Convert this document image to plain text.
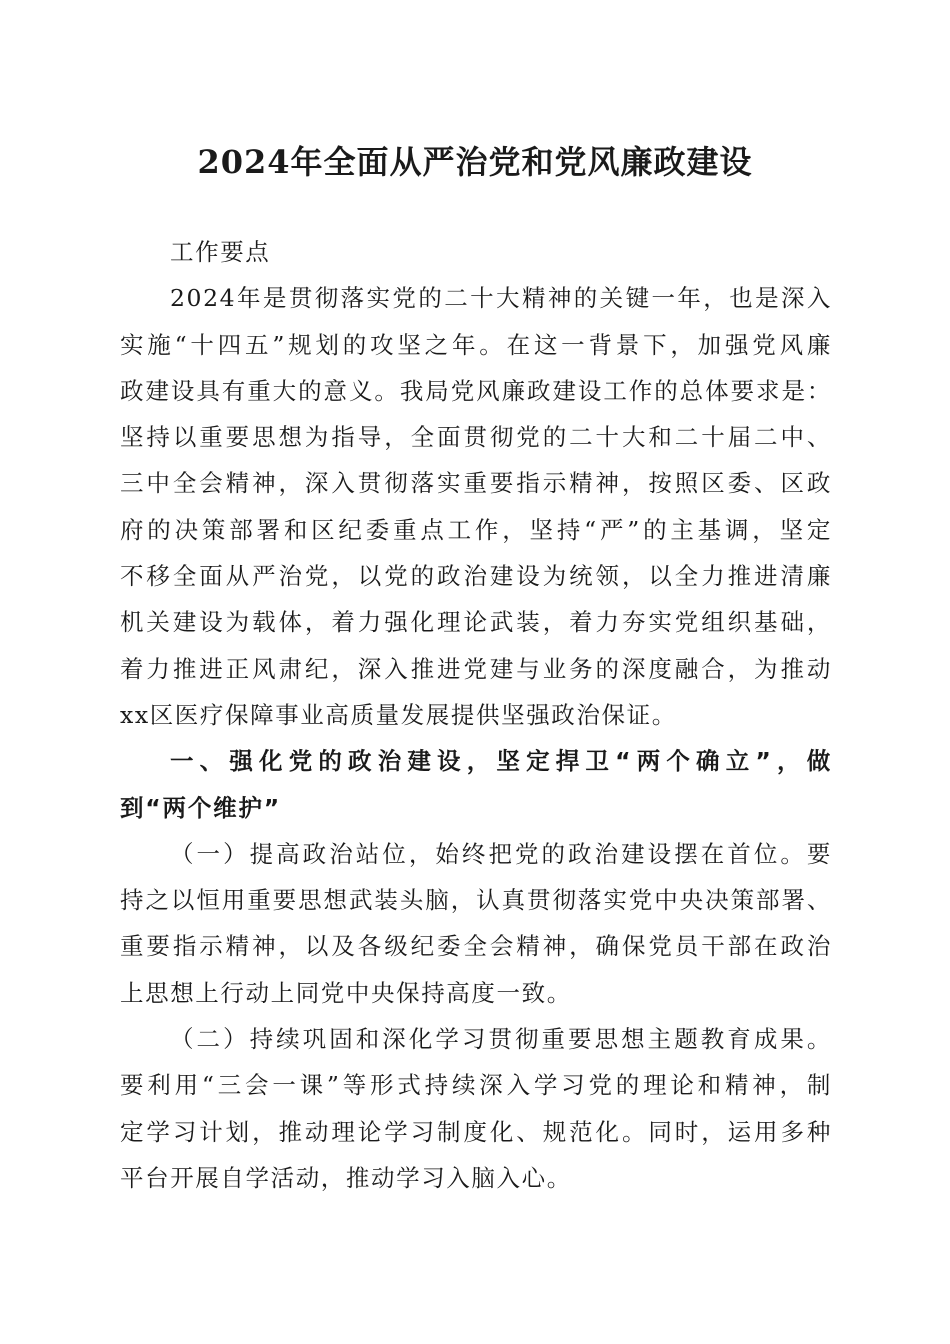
2024年全面从严治党和党风廉政建设
工作要点
2024年是贯彻落实党的二十大精神的关键一年，也是深入
实施“十四五”规划的攻坚之年。在这一背景下，加强党风廉
政建设具有重大的意义。我局党风廉政建设工作的总体要求是：
坚持以重要思想为指导，全面贯彻党的二十大和二十届二中、
三中全会精神，深入贯彻落实重要指示精神，按照区委、区政
府的决策部署和区纪委重点工作，坚持“严”的主基调，坚定
不移全面从严治党，以党的政治建设为统领，以全力推进清廉
机关建设为载体，着力强化理论武装，着力夯实党组织基础，
着力推进正风肃纪，深入推进党建与业务的深度融合，为推动
xx区医疗保障事业高质量发展提供坚强政治保证。
一、强化党的政治建设，坚定捍卫“两个确立”，做
到“两个维护”
（一）提高政治站位，始终把党的政治建设摆在首位。要
持之以恒用重要思想武装头脑，认真贯彻落实党中央决策部署、
重要指示精神，以及各级纪委全会精神，确保党员干部在政治
上思想上行动上同党中央保持高度一致。
（二）持续巩固和深化学习贯彻重要思想主题教育成果。
要利用“三会一课”等形式持续深入学习党的理论和精神，制
定学习计划，推动理论学习制度化、规范化。同时，运用多种
平台开展自学活动，推动学习入脑入心。
